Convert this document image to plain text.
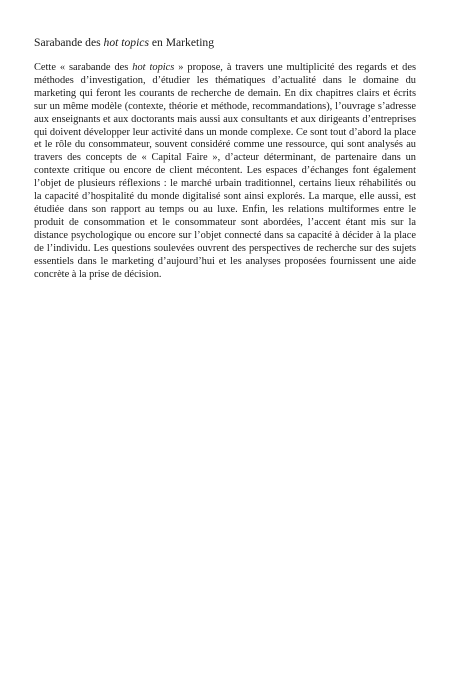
Sarabande des hot topics en Marketing

Cette « sarabande des hot topics » propose, à travers une multiplicité des regards et des méthodes d’investigation, d’étudier les thématiques d’actualité dans le domaine du marketing qui feront les courants de recherche de demain. En dix chapitres clairs et écrits sur un même modèle (contexte, théorie et méthode, recommandations), l’ouvrage s’adresse aux enseignants et aux doctorants mais aussi aux consultants et aux dirigeants d’entreprises qui doivent développer leur activité dans un monde complexe. Ce sont tout d’abord la place et le rôle du consommateur, souvent considéré comme une ressource, qui sont analysés au travers des concepts de « Capital Faire », d’acteur déterminant, de partenaire dans un contexte critique ou encore de client mécontent. Les espaces d’échanges font également l’objet de plusieurs réflexions : le marché urbain traditionnel, certains lieux réhabilités ou la capacité d’hospitalité du monde digitalisé sont ainsi explorés. La marque, elle aussi, est étudiée dans son rapport au temps ou au luxe. Enfin, les relations multiformes entre le produit de consommation et le consommateur sont abordées, l’accent étant mis sur la distance psychologique ou encore sur l’objet connecté dans sa capacité à décider à la place de l’individu. Les questions soulevées ouvrent des perspectives de recherche sur des sujets essentiels dans le marketing d’aujourd’hui et les analyses proposées fournissent une aide concrète à la prise de décision.
